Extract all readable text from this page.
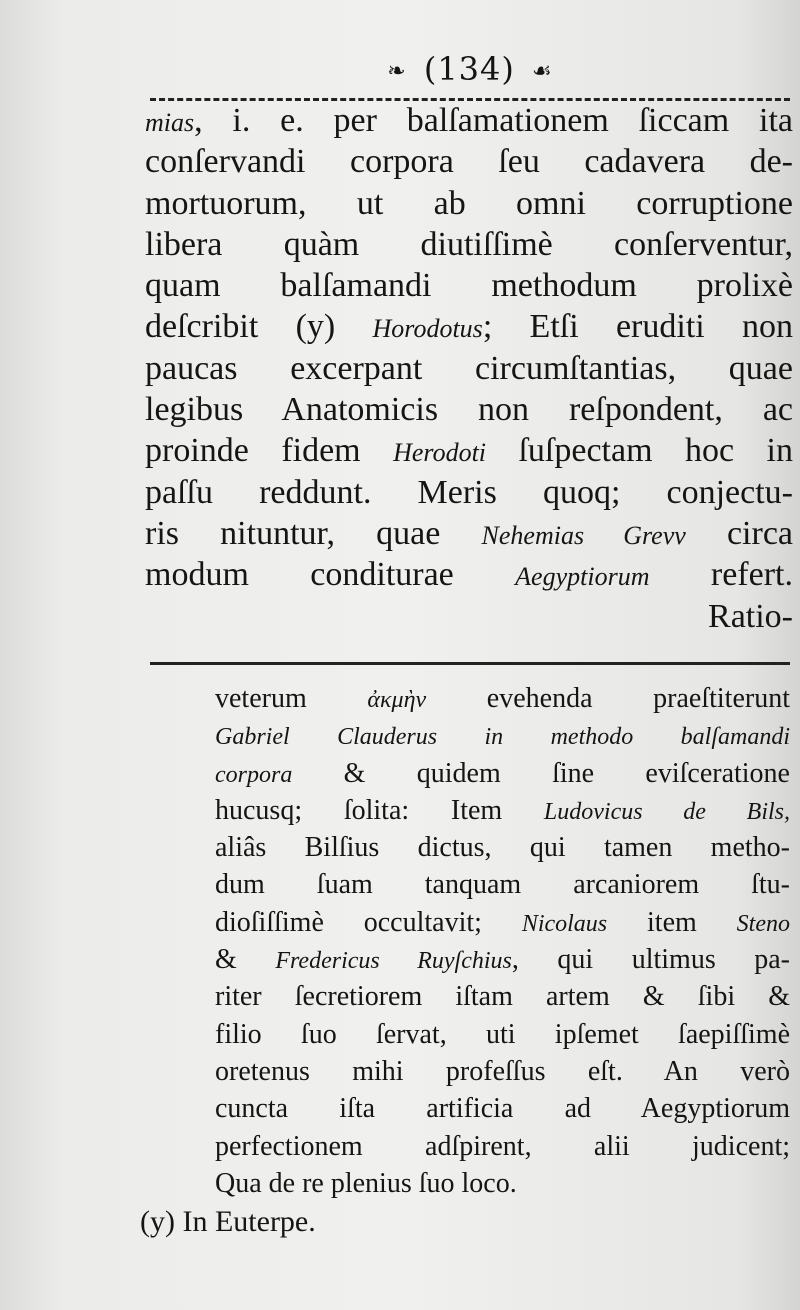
❧ (134) ☙
mias, i. e. per balſamationem ſiccam ita
conſervandi corpora ſeu cadavera de-
mortuorum, ut ab omni corruptione
libera quàm diutiſſimè conſerventur,
quam balſamandi methodum prolixè
deſcribit (y) Horodotus; Etſi eruditi non
paucas excerpant circumſtantias, quae
legibus Anatomicis non reſpondent, ac
proinde fidem Herodoti ſuſpectam hoc in
paſſu reddunt. Meris quoq; conjectu-
ris nituntur, quae Nehemias Grevv circa
modum conditurae Aegyptiorum refert.
Ratio-
veterum ἀκμὴν evehenda praeſtiterunt
Gabriel Clauderus in methodo balſamandi
corpora & quidem ſine eviſceratione
hucusq; ſolita: Item Ludovicus de Bils,
aliâs Bilſius dictus, qui tamen metho-
dum ſuam tanquam arcaniorem ſtu-
dioſiſſimè occultavit; Nicolaus item Steno
& Fredericus Ruyſchius, qui ultimus pa-
riter ſecretiorem iſtam artem & ſibi &
filio ſuo ſervat, uti ipſemet ſaepiſſimè
oretenus mihi profeſſus eſt. An verò
cuncta iſta artificia ad Aegyptiorum
perfectionem adſpirent, alii judicent;
Qua de re plenius ſuo loco.
(y) In Euterpe.
